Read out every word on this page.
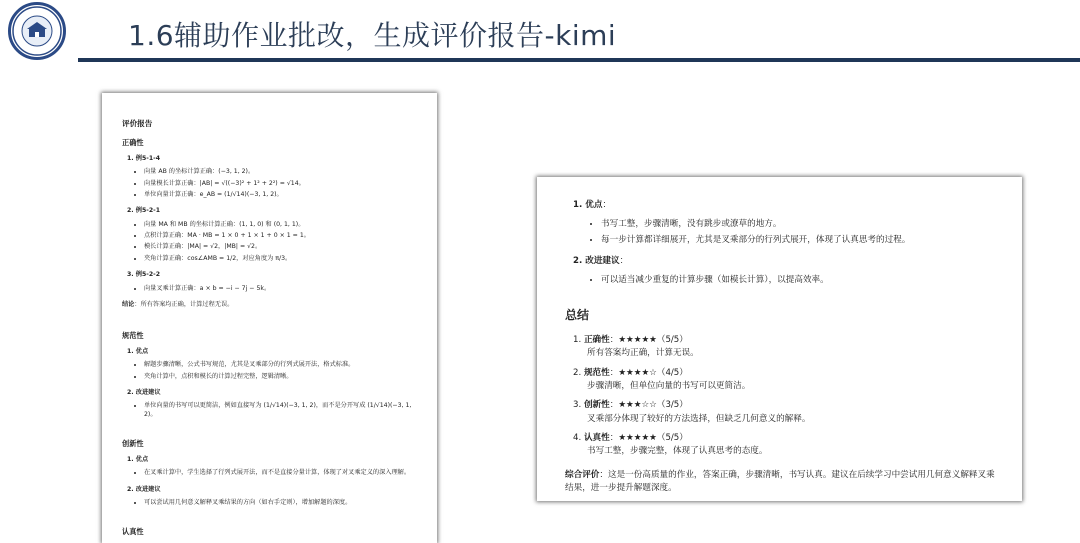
1.6辅助作业批改，生成评价报告-kimi
评价报告
正确性
1. 例5-1-4
• 向量 AB 的坐标计算正确：(−3, 1, 2)。
• 向量模长计算正确：|AB| = √((−3)² + 1² + 2²) = √14。
• 单位向量计算正确：e_AB = (1/√14)(−3, 1, 2)。
2. 例5-2-1
• 向量 MA 和 MB 的坐标计算正确：(1, 1, 0) 和 (0, 1, 1)。
• 点积计算正确：MA · MB = 1 × 0 + 1 × 1 + 0 × 1 = 1。
• 模长计算正确：|MA| = √2，|MB| = √2。
• 夹角计算正确：cos∠AMB = 1/2，对应角度为 π/3。
3. 例5-2-2
• 向量叉乘计算正确：a × b = −i − 7j − 5k。
结论：所有答案均正确，计算过程无误。
规范性
1. 优点
• 解题步骤清晰，公式书写规范，尤其是叉乘部分的行列式展开法，格式标准。
• 夹角计算中，点积和模长的计算过程完整，逻辑清晰。
2. 改进建议
• 单位向量的书写可以更简洁，例如直接写为 (1/√14)(−3, 1, 2)，而不是分开写成 (1/√14)(−3, 1, 2)。
创新性
1. 优点
• 在叉乘计算中，学生选择了行列式展开法，而不是直接分量计算，体现了对叉乘定义的深入理解。
2. 改进建议
• 可以尝试用几何意义解释叉乘结果的方向（如右手定则），增加解题的深度。
认真性
1. 优点：
• 书写工整，步骤清晰，没有跳步或潦草的地方。
• 每一步计算都详细展开，尤其是叉乘部分的行列式展开，体现了认真思考的过程。
2. 改进建议：
• 可以适当减少重复的计算步骤（如模长计算），以提高效率。
总结
1. 正确性：★★★★★（5/5）
所有答案均正确，计算无误。
2. 规范性：★★★★☆（4/5）
步骤清晰，但单位向量的书写可以更简洁。
3. 创新性：★★★☆☆（3/5）
叉乘部分体现了较好的方法选择，但缺乏几何意义的解释。
4. 认真性：★★★★★（5/5）
书写工整，步骤完整，体现了认真思考的态度。
综合评价：这是一份高质量的作业，答案正确，步骤清晰，书写认真。建议在后续学习中尝试用几何意义解释叉乘结果，进一步提升解题深度。
